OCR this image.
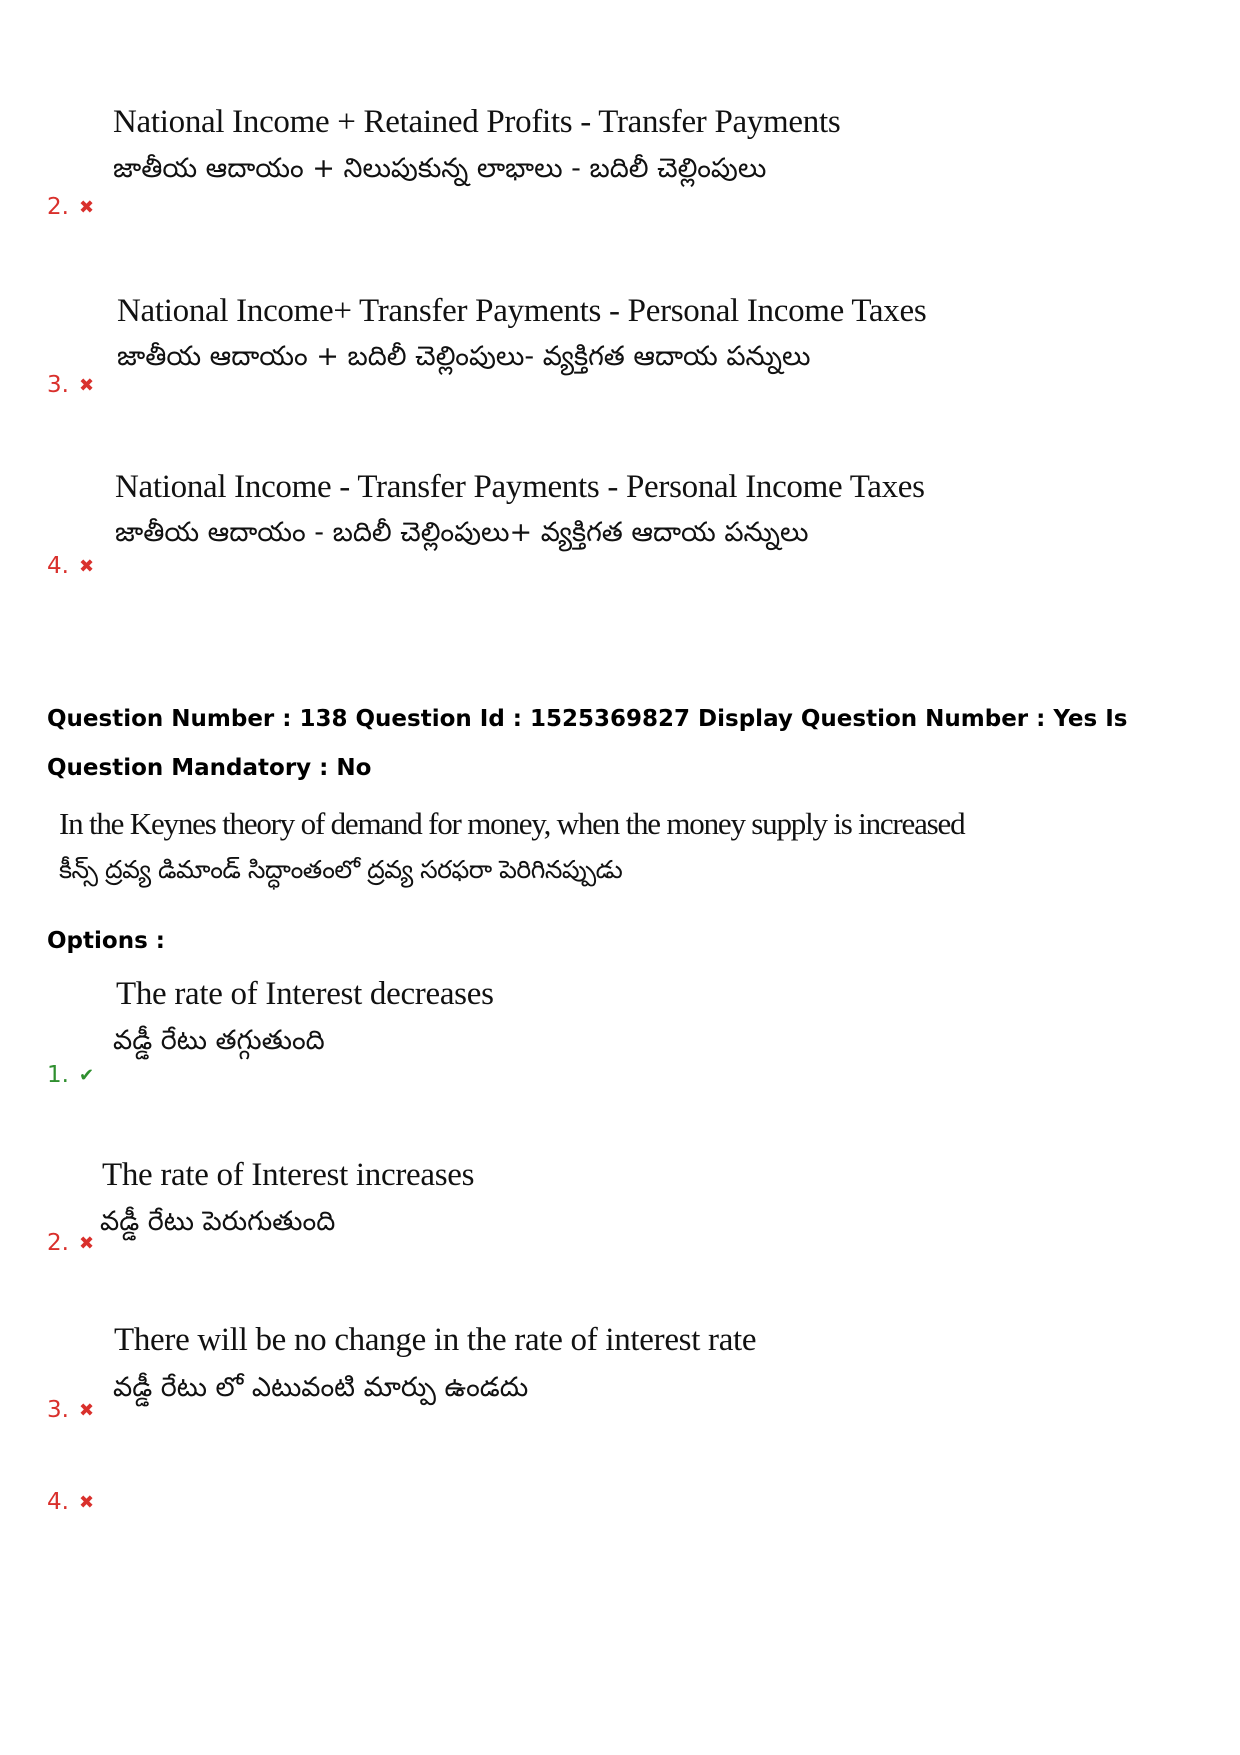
National Income + Retained Profits - Transfer Payments
జాతీయ ఆదాయం + నిలుపుకున్న లాభాలు - బదిలీ చెల్లింపులు
2. ✖
National Income+ Transfer Payments - Personal Income Taxes
జాతీయ ఆదాయం + బదిలీ చెల్లింపులు- వ్యక్తిగత ఆదాయ పన్నులు
3. ✖
National Income - Transfer Payments - Personal Income Taxes
జాతీయ ఆదాయం - బదిలీ చెల్లింపులు+ వ్యక్తిగత ఆదాయ పన్నులు
4. ✖
Question Number : 138 Question Id : 1525369827 Display Question Number : Yes Is Question Mandatory : No
In the Keynes theory of demand for money, when the money supply is increased
కీన్స్ ద్రవ్య డిమాండ్ సిద్ధాంతంలో ద్రవ్య సరఫరా పెరిగినప్పుడు
Options :
The rate of Interest decreases
వడ్డీ రేటు తగ్గుతుంది
1. ✔
The rate of Interest increases
వడ్డీ రేటు పెరుగుతుంది
2. ✖
There will be no change in the rate of interest rate
వడ్డీ రేటు లో ఎటువంటి మార్పు ఉండదు
3. ✖
4. ✖
